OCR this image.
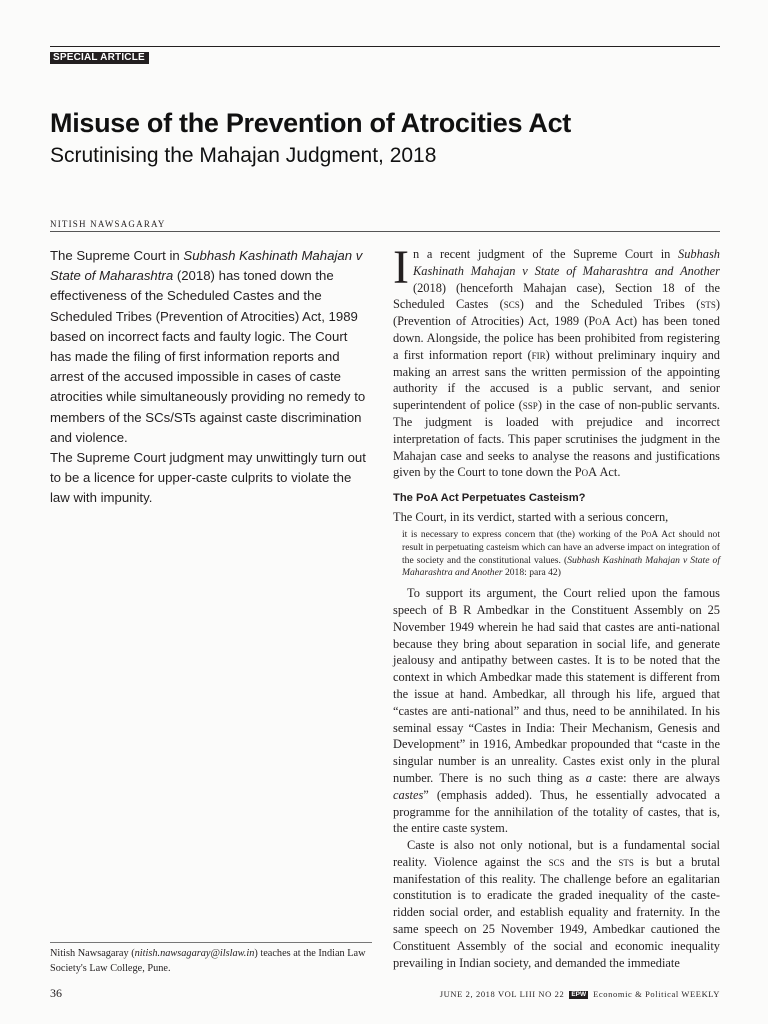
SPECIAL ARTICLE
Misuse of the Prevention of Atrocities Act
Scrutinising the Mahajan Judgment, 2018
NITISH NAWSAGARAY

The Supreme Court in Subhash Kashinath Mahajan v State of Maharashtra (2018) has toned down the effectiveness of the Scheduled Castes and the Scheduled Tribes (Prevention of Atrocities) Act, 1989 based on incorrect facts and faulty logic. The Court has made the filing of first information reports and arrest of the accused impossible in cases of caste atrocities while simultaneously providing no remedy to members of the SCs/STs against caste discrimination and violence.

The Supreme Court judgment may unwittingly turn out to be a licence for upper-caste culprits to violate the law with impunity.

Nitish Nawsagaray (nitish.nawsagaray@ilslaw.in) teaches at the Indian Law Society's Law College, Pune.

In a recent judgment of the Supreme Court in Subhash Kashinath Mahajan v State of Maharashtra and Another (2018) (henceforth Mahajan case), Section 18 of the Scheduled Castes (scs) and the Scheduled Tribes (sts) (Prevention of Atrocities) Act, 1989 (PoA Act) has been toned down. Alongside, the police has been prohibited from registering a first information report (fir) without preliminary inquiry and making an arrest sans the written permission of the appointing authority if the accused is a public servant, and senior superintendent of police (ssp) in the case of non-public servants. The judgment is loaded with prejudice and incorrect interpretation of facts. This paper scrutinises the judgment in the Mahajan case and seeks to analyse the reasons and justifications given by the Court to tone down the PoA Act.

The PoA Act Perpetuates Casteism?

The Court, in its verdict, started with a serious concern,

it is necessary to express concern that (the) working of the PoA Act should not result in perpetuating casteism which can have an adverse impact on integration of the society and the constitutional values. (Subhash Kashinath Mahajan v State of Maharashtra and Another 2018: para 42)

To support its argument, the Court relied upon the famous speech of B R Ambedkar in the Constituent Assembly on 25 November 1949 wherein he had said that castes are anti-national because they bring about separation in social life, and generate jealousy and antipathy between castes. It is to be noted that the context in which Ambedkar made this statement is different from the issue at hand. Ambedkar, all through his life, argued that “castes are anti-national” and thus, need to be annihilated. In his seminal essay “Castes in India: Their Mechanism, Genesis and Development” in 1916, Ambedkar propounded that “caste in the singular number is an unreality. Castes exist only in the plural number. There is no such thing as a caste: there are always castes” (emphasis added). Thus, he essentially advocated a programme for the annihilation of the totality of castes, that is, the entire caste system.

Caste is also not only notional, but is a fundamental social reality. Violence against the scs and the sts is but a brutal manifestation of this reality. The challenge before an egalitarian constitution is to eradicate the graded inequality of the caste-ridden social order, and establish equality and fraternity. In the same speech on 25 November 1949, Ambedkar cautioned the Constituent Assembly of the social and economic inequality prevailing in Indian society, and demanded the immediate

36	JUNE 2, 2018 VOL LIII NO 22 EPW Economic & Political WEEKLY
